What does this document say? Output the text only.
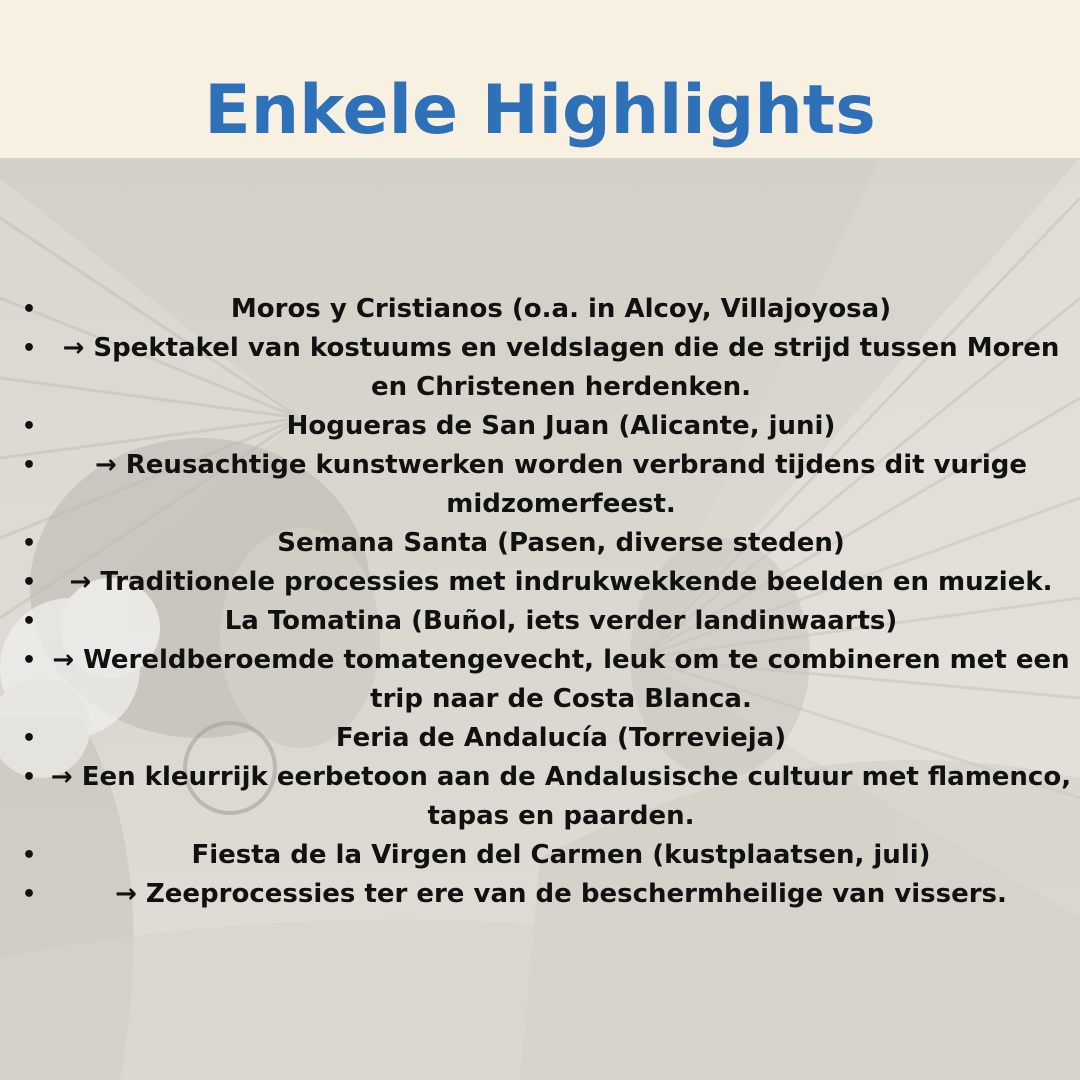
Enkele Highlights
•	Moros y Cristianos (o.a. in Alcoy, Villajoyosa)
• → Spektakel van kostuums en veldslagen die de strijd tussen Moren en Christenen herdenken.
•	Hogueras de San Juan (Alicante, juni)
• → Reusachtige kunstwerken worden verbrand tijdens dit vurige midzomerfeest.
•	Semana Santa (Pasen, diverse steden)
• → Traditionele processies met indrukwekkende beelden en muziek.
•	La Tomatina (Buñol, iets verder landinwaarts)
• → Wereldberoemde tomatengevecht, leuk om te combineren met een trip naar de Costa Blanca.
•	Feria de Andalucía (Torrevieja)
• → Een kleurrijk eerbetoon aan de Andalusische cultuur met flamenco, tapas en paarden.
•	Fiesta de la Virgen del Carmen (kustplaatsen, juli)
•	→ Zeeprocessies ter ere van de beschermheilige van vissers.
